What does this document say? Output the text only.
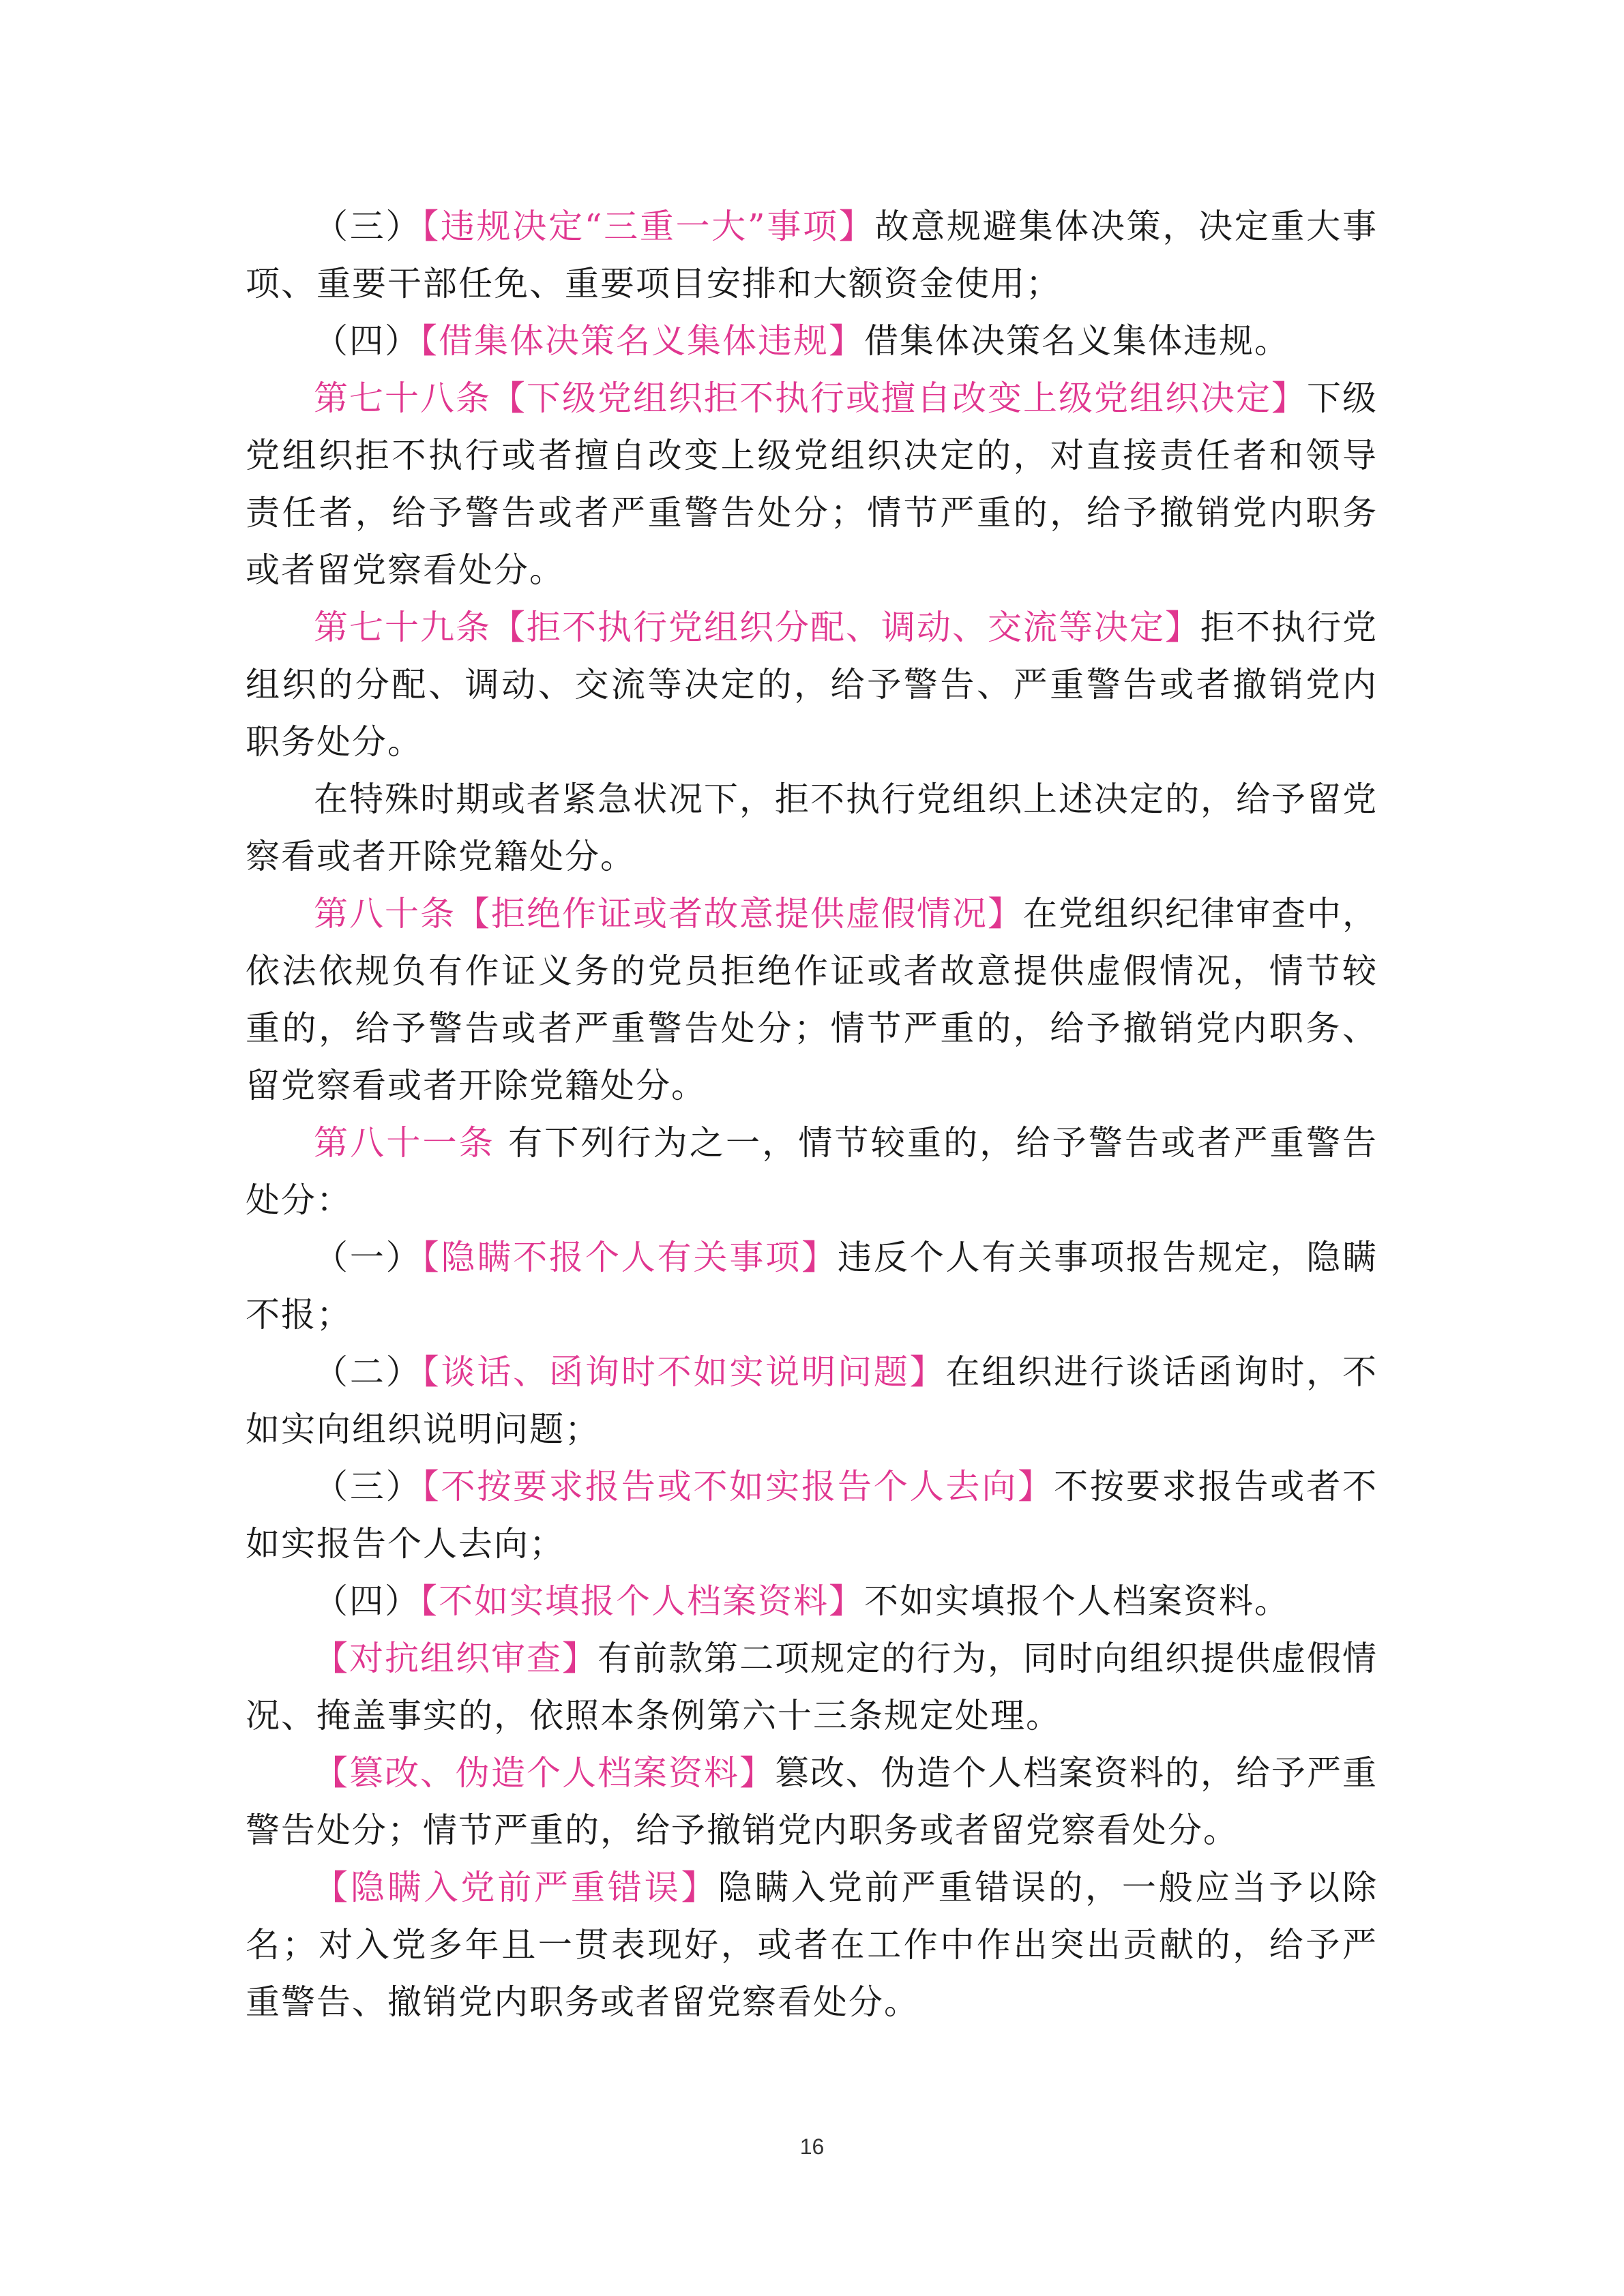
（三）【违规决定“三重一大”事项】故意规避集体决策，决定重大事项、重要干部任免、重要项目安排和大额资金使用；

（四）【借集体决策名义集体违规】借集体决策名义集体违规。

第七十八条【下级党组织拒不执行或擅自改变上级党组织决定】下级党组织拒不执行或者擅自改变上级党组织决定的，对直接责任者和领导责任者，给予警告或者严重警告处分；情节严重的，给予撤销党内职务或者留党察看处分。

第七十九条【拒不执行党组织分配、调动、交流等决定】拒不执行党组织的分配、调动、交流等决定的，给予警告、严重警告或者撤销党内职务处分。

在特殊时期或者紧急状况下，拒不执行党组织上述决定的，给予留党察看或者开除党籍处分。

第八十条【拒绝作证或者故意提供虚假情况】在党组织纪律审查中，依法依规负有作证义务的党员拒绝作证或者故意提供虚假情况，情节较重的，给予警告或者严重警告处分；情节严重的，给予撤销党内职务、留党察看或者开除党籍处分。

第八十一条 有下列行为之一，情节较重的，给予警告或者严重警告处分：

（一）【隐瞒不报个人有关事项】违反个人有关事项报告规定，隐瞒不报；

（二）【谈话、函询时不如实说明问题】在组织进行谈话函询时，不如实向组织说明问题；

（三）【不按要求报告或不如实报告个人去向】不按要求报告或者不如实报告个人去向；

（四）【不如实填报个人档案资料】不如实填报个人档案资料。

【对抗组织审查】有前款第二项规定的行为，同时向组织提供虚假情况、掩盖事实的，依照本条例第六十三条规定处理。

【篡改、伪造个人档案资料】篡改、伪造个人档案资料的，给予严重警告处分；情节严重的，给予撤销党内职务或者留党察看处分。

【隐瞒入党前严重错误】隐瞒入党前严重错误的，一般应当予以除名；对入党多年且一贯表现好，或者在工作中作出突出贡献的，给予严重警告、撤销党内职务或者留党察看处分。

16
